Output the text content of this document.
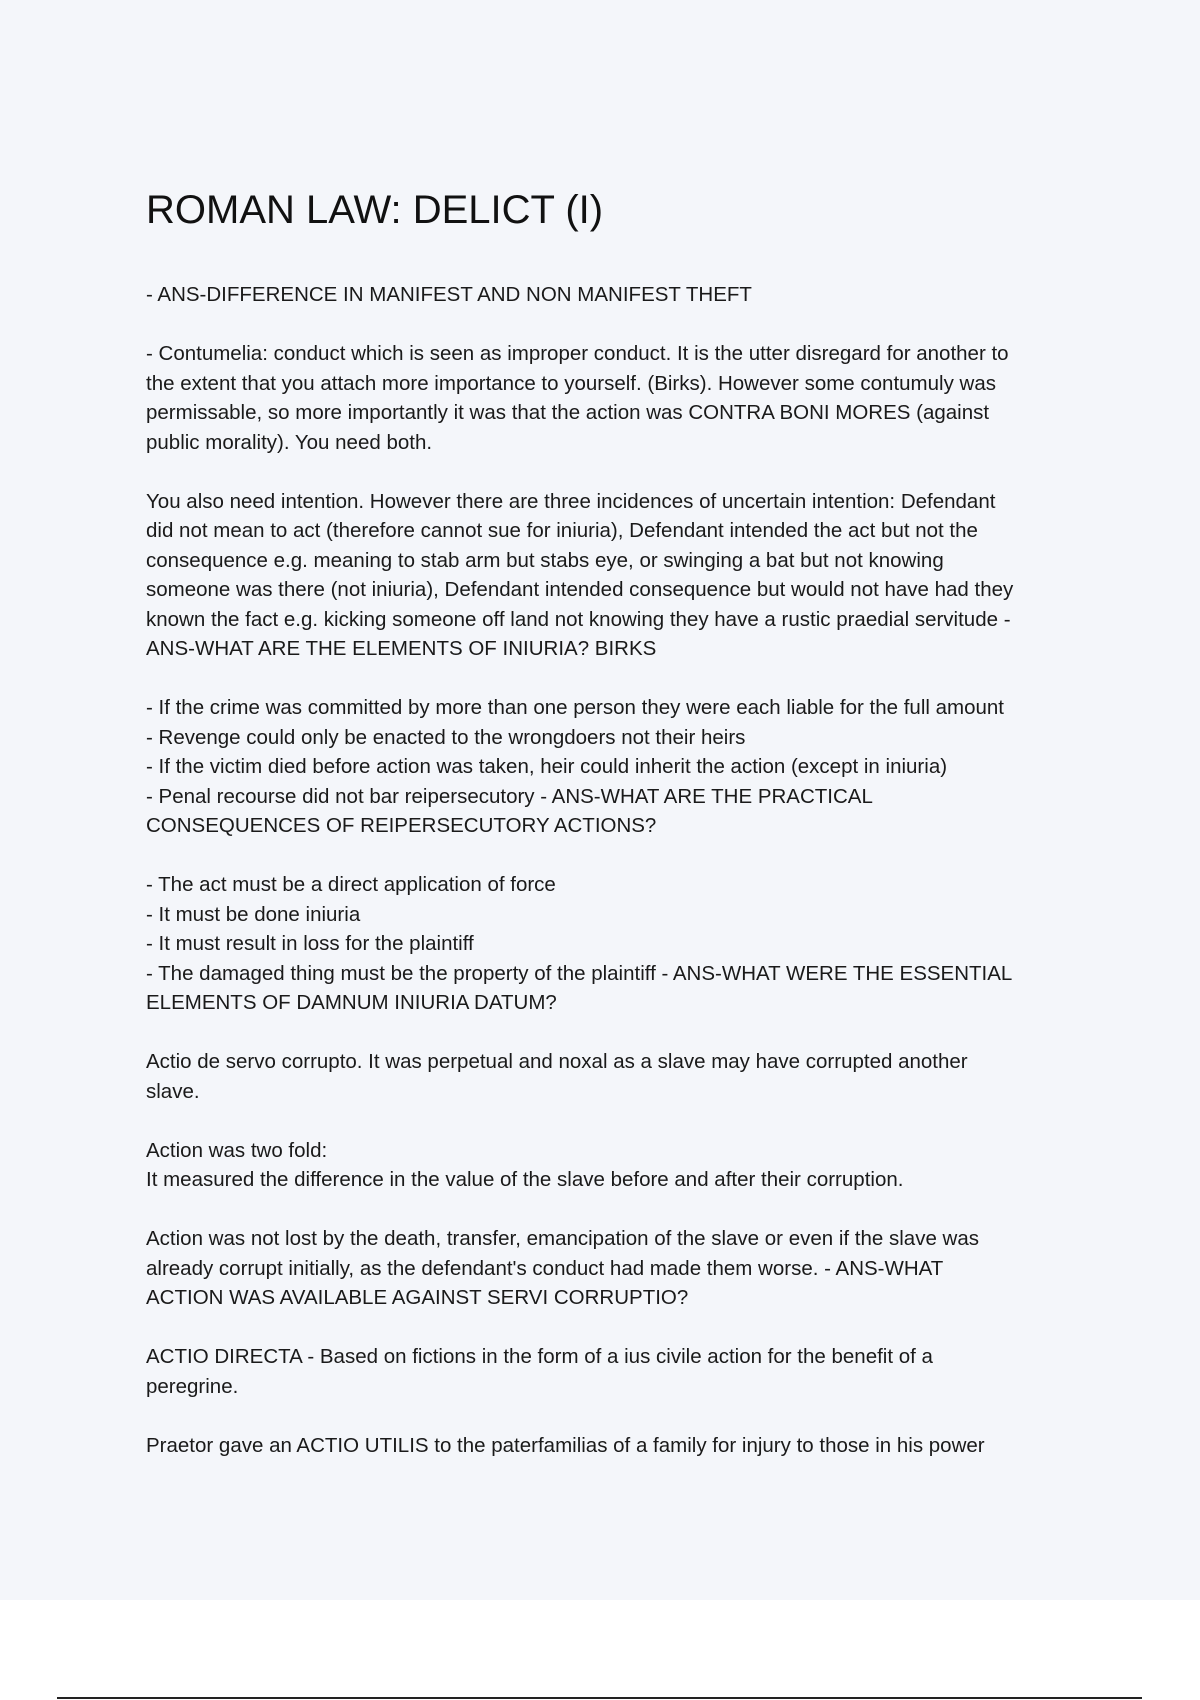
ROMAN LAW: DELICT (I)

- ANS-DIFFERENCE IN MANIFEST AND NON MANIFEST THEFT

- Contumelia: conduct which is seen as improper conduct. It is the utter disregard for another to
the extent that you attach more importance to yourself. (Birks). However some contumuly was
permissable, so more importantly it was that the action was CONTRA BONI MORES (against
public morality). You need both.

You also need intention. However there are three incidences of uncertain intention: Defendant
did not mean to act (therefore cannot sue for iniuria), Defendant intended the act but not the
consequence e.g. meaning to stab arm but stabs eye, or swinging a bat but not knowing
someone was there (not iniuria), Defendant intended consequence but would not have had they
known the fact e.g. kicking someone off land not knowing they have a rustic praedial servitude -
ANS-WHAT ARE THE ELEMENTS OF INIURIA? BIRKS

- If the crime was committed by more than one person they were each liable for the full amount
- Revenge could only be enacted to the wrongdoers not their heirs
- If the victim died before action was taken, heir could inherit the action (except in iniuria)
- Penal recourse did not bar reipersecutory - ANS-WHAT ARE THE PRACTICAL
CONSEQUENCES OF REIPERSECUTORY ACTIONS?

- The act must be a direct application of force
- It must be done iniuria
- It must result in loss for the plaintiff
- The damaged thing must be the property of the plaintiff - ANS-WHAT WERE THE ESSENTIAL
ELEMENTS OF DAMNUM INIURIA DATUM?

Actio de servo corrupto. It was perpetual and noxal as a slave may have corrupted another
slave.

Action was two fold:
It measured the difference in the value of the slave before and after their corruption.

Action was not lost by the death, transfer, emancipation of the slave or even if the slave was
already corrupt initially, as the defendant's conduct had made them worse. - ANS-WHAT
ACTION WAS AVAILABLE AGAINST SERVI CORRUPTIO?

ACTIO DIRECTA - Based on fictions in the form of a ius civile action for the benefit of a
peregrine.

Praetor gave an ACTIO UTILIS to the paterfamilias of a family for injury to those in his power
